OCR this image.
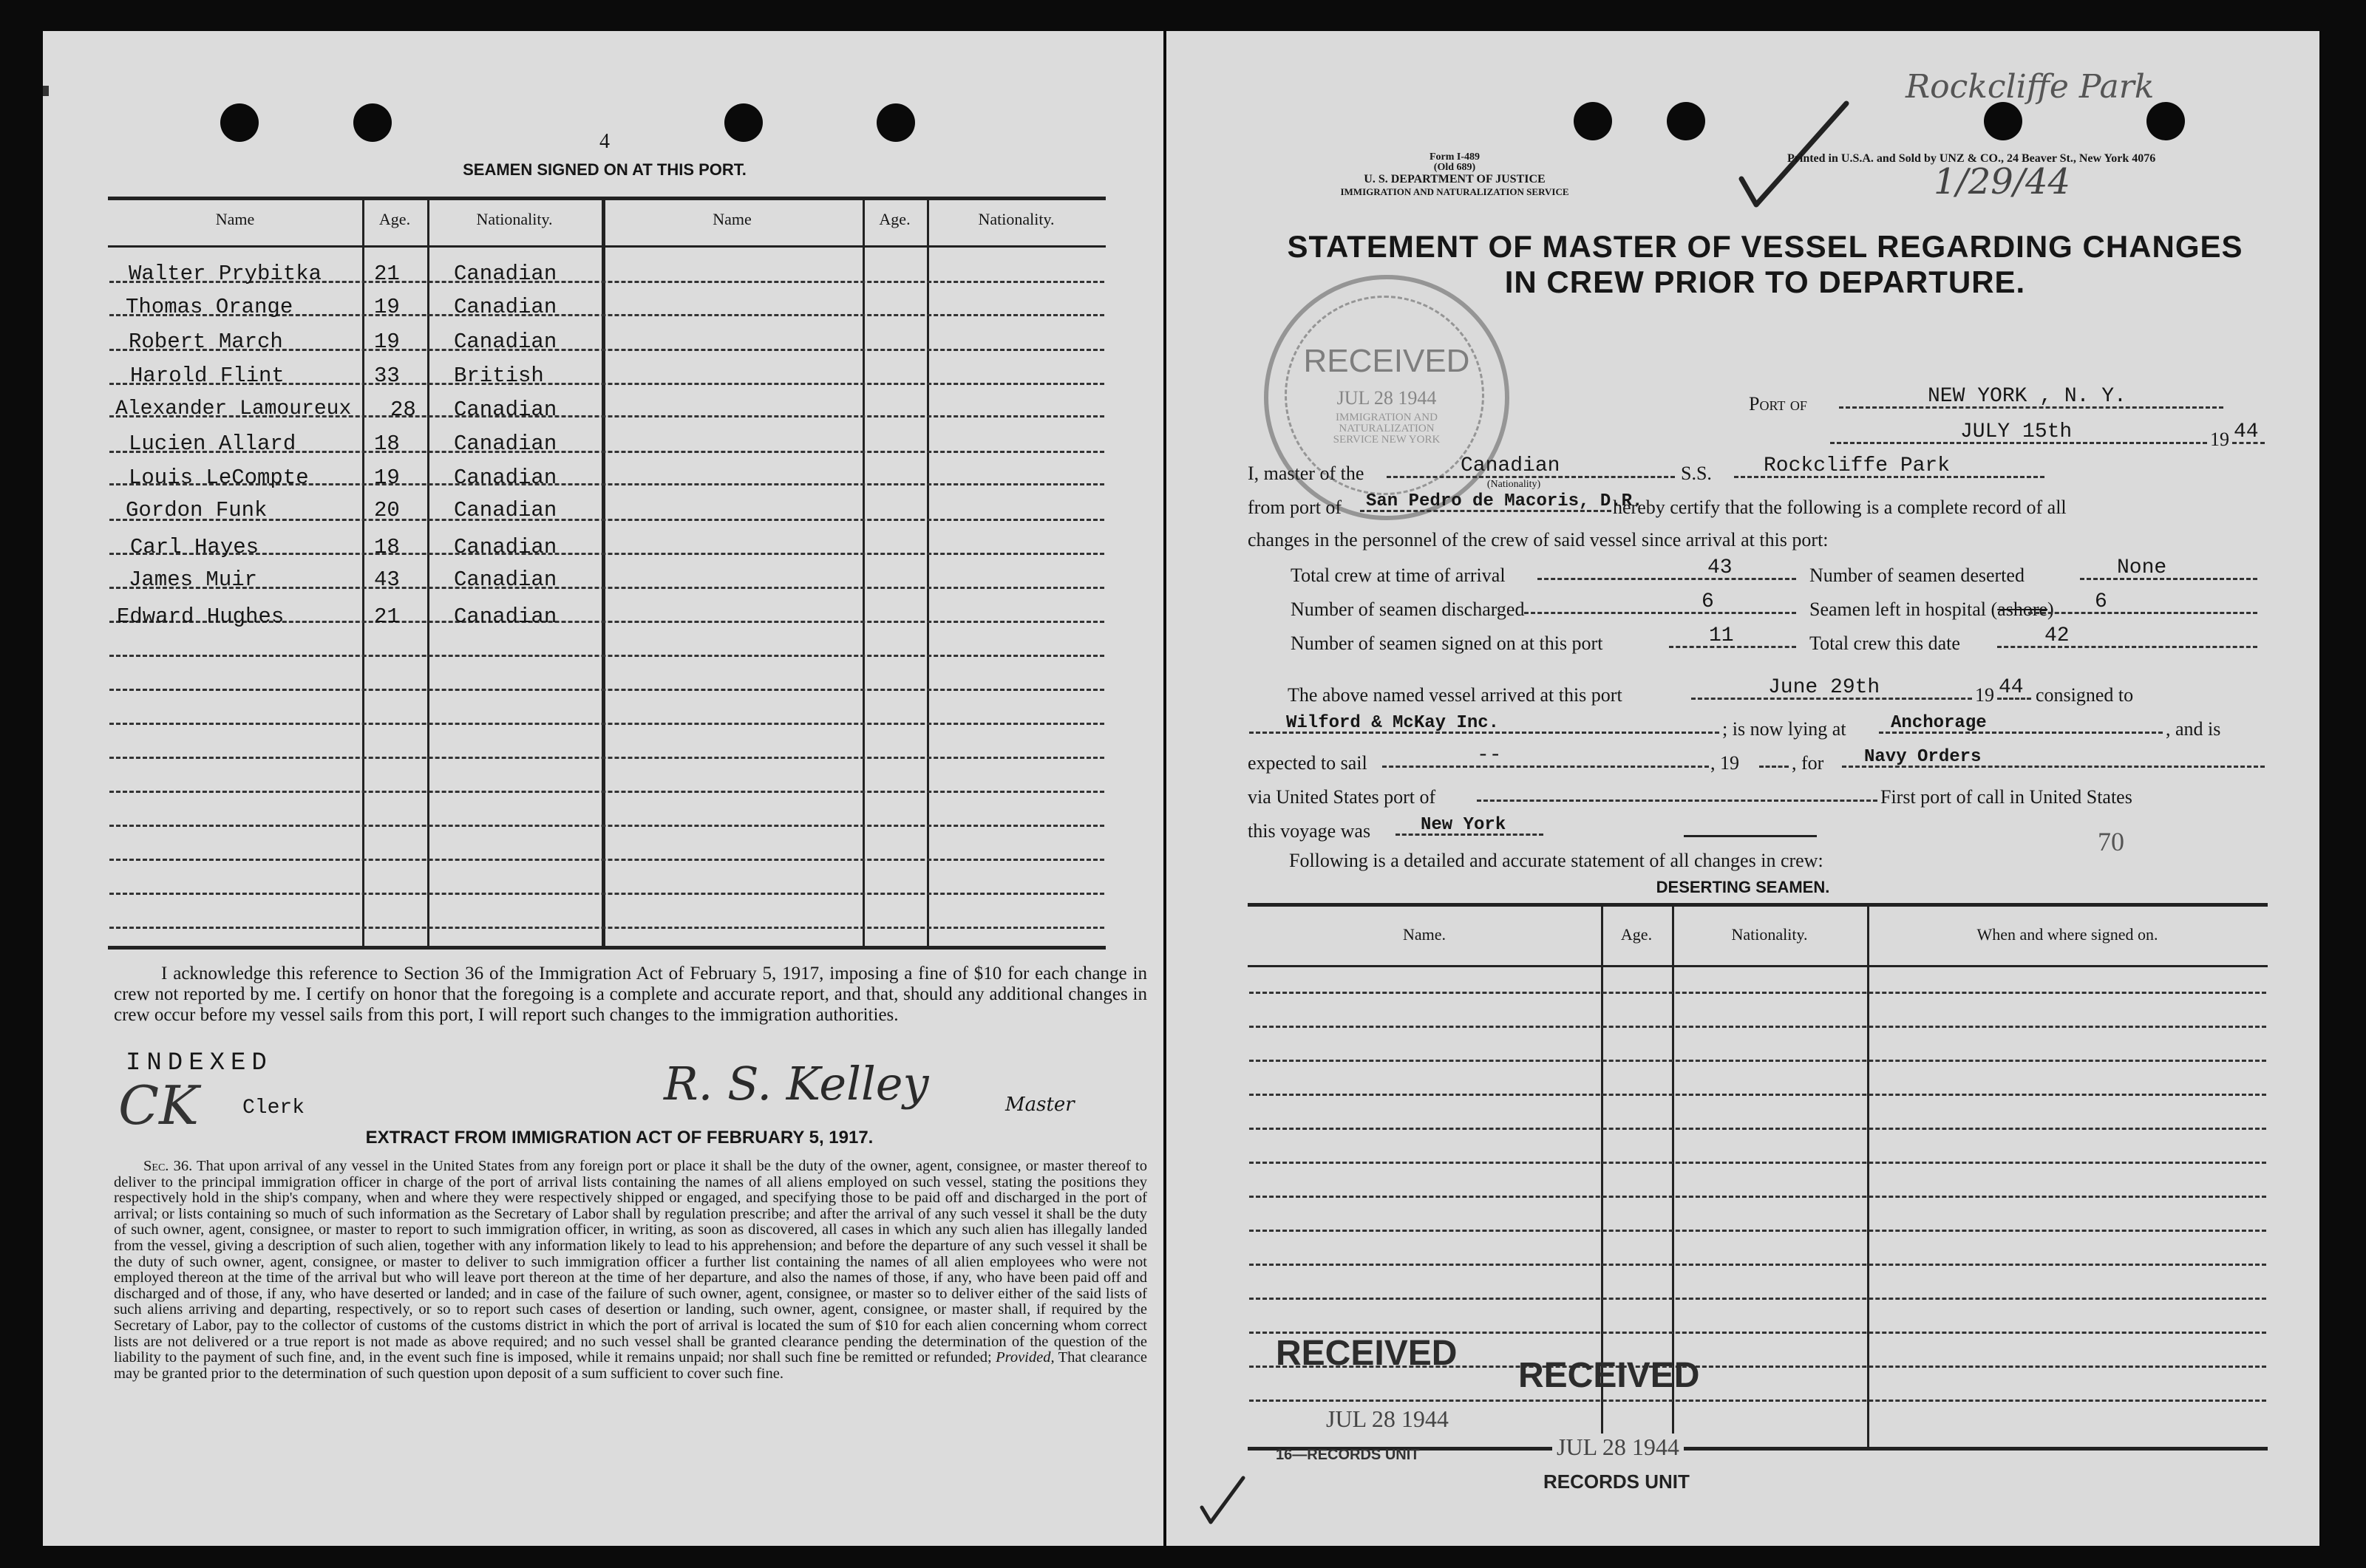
4
SEAMEN SIGNED ON AT THIS PORT.
Name	Age.	Nationality.	Name	Age.	Nationality.
Walter Prybitka 21	Canadian
Thomas Orange	19	Canadian
Robert March	19	Canadian
Harold Flint	33	British
Alexander Lamoureux 28 Canadian
Lucien Allard	18	Canadian
Louis LeCompte	19	Canadian
Gordon Funk	20	Canadian
Carl Hayes	18	Canadian
James Muir	43	Canadian
Edward Hughes	21	Canadian
I acknowledge this reference to Section 36 of the Immigration Act of February 5, 1917, imposing a fine of $10 for each change in crew not reported by me. I certify on honor that the foregoing is a complete and accurate report, and that, should any additional changes in crew occur before my vessel sails from this port, I will report such changes to the immigration authorities.
INDEXED
CK Clerk	R. S. Kelley	Master
EXTRACT FROM IMMIGRATION ACT OF FEBRUARY 5, 1917.
Sec. 36. That upon arrival of any vessel in the United States from any foreign port or place it shall be the duty of the owner, agent, consignee, or master thereof to deliver to the principal immigration officer in charge of the port of arrival lists containing the names of all aliens employed on such vessel, stating the positions they respectively hold in the ship's company, when and where they were respectively shipped or engaged, and specifying those to be paid off and discharged in the port of arrival; or lists containing so much of such information as the Secretary of Labor shall by regulation prescribe; and after the arrival of any such vessel it shall be the duty of such owner, agent, consignee, or master to report to such immigration officer, in writing, as soon as discovered, all cases in which any such alien has illegally landed from the vessel, giving a description of such alien, together with any information likely to lead to his apprehension; and before the departure of any such vessel it shall be the duty of such owner, agent, consignee, or master to deliver to such immigration officer a further list containing the names of all alien employees who were not employed thereon at the time of the arrival but who will leave port thereon at the time of her departure, and also the names of those, if any, who have been paid off and discharged and of those, if any, who have deserted or landed; and in case of the failure of such owner, agent, consignee, or master so to deliver either of the said lists of such aliens arriving and departing, respectively, or so to report such cases of desertion or landing, such owner, agent, consignee, or master shall, if required by the Secretary of Labor, pay to the collector of customs of the customs district in which the port of arrival is located the sum of $10 for each alien concerning whom correct lists are not delivered or a true report is not made as above required; and no such vessel shall be granted clearance pending the determination of the question of the liability to the payment of such fine, and, in the event such fine is imposed, while it remains unpaid; nor shall such fine be remitted or refunded; Provided, That clearance may be granted prior to the determination of such question upon deposit of a sum sufficient to cover such fine.
Rockcliffe Park
1/29/44
Form I-489
(Old 689)
U. S. DEPARTMENT OF JUSTICE
IMMIGRATION AND NATURALIZATION SERVICE
Printed in U.S.A. and Sold by UNZ & CO., 24 Beaver St., New York 4076
STATEMENT OF MASTER OF VESSEL REGARDING CHANGES
IN CREW PRIOR TO DEPARTURE.
RECEIVED
JUL 28 1944
IMMIGRATION AND NATURALIZATION SERVICE NEW YORK
Port of	NEW YORK , N. Y.
JULY 15th	19 44
I, master of the	Canadian
(Nationality)
S.S.	Rockcliffe Park
from port of San Pedro de Macoris, D.R.
hereby certify that the following is a complete record of all
changes in the personnel of the crew of said vessel since arrival at this port:
Total crew at time of arrival	43	Number of seamen deserted	None
Number of seamen discharged	6	Seamen left in hospital (ashore) 6
Number of seamen signed on at this port	11	Total crew this date	42
The above named vessel arrived at this port	June 29th	19 44 consigned to
Wilford & McKay Inc.	; is now lying at	Anchorage	, and is
expected to sail	--	, 19	, for Navy Orders
via United States port of	First port of call in United States
this voyage was	New York
70
Following is a detailed and accurate statement of all changes in crew:
DESERTING SEAMEN.
Name.	Age.	Nationality.	When and where signed on.
RECEIVED
JUL 28 1944
RECEIVED
JUL 28 1944
16—RECORDS UNIT
RECORDS UNIT
